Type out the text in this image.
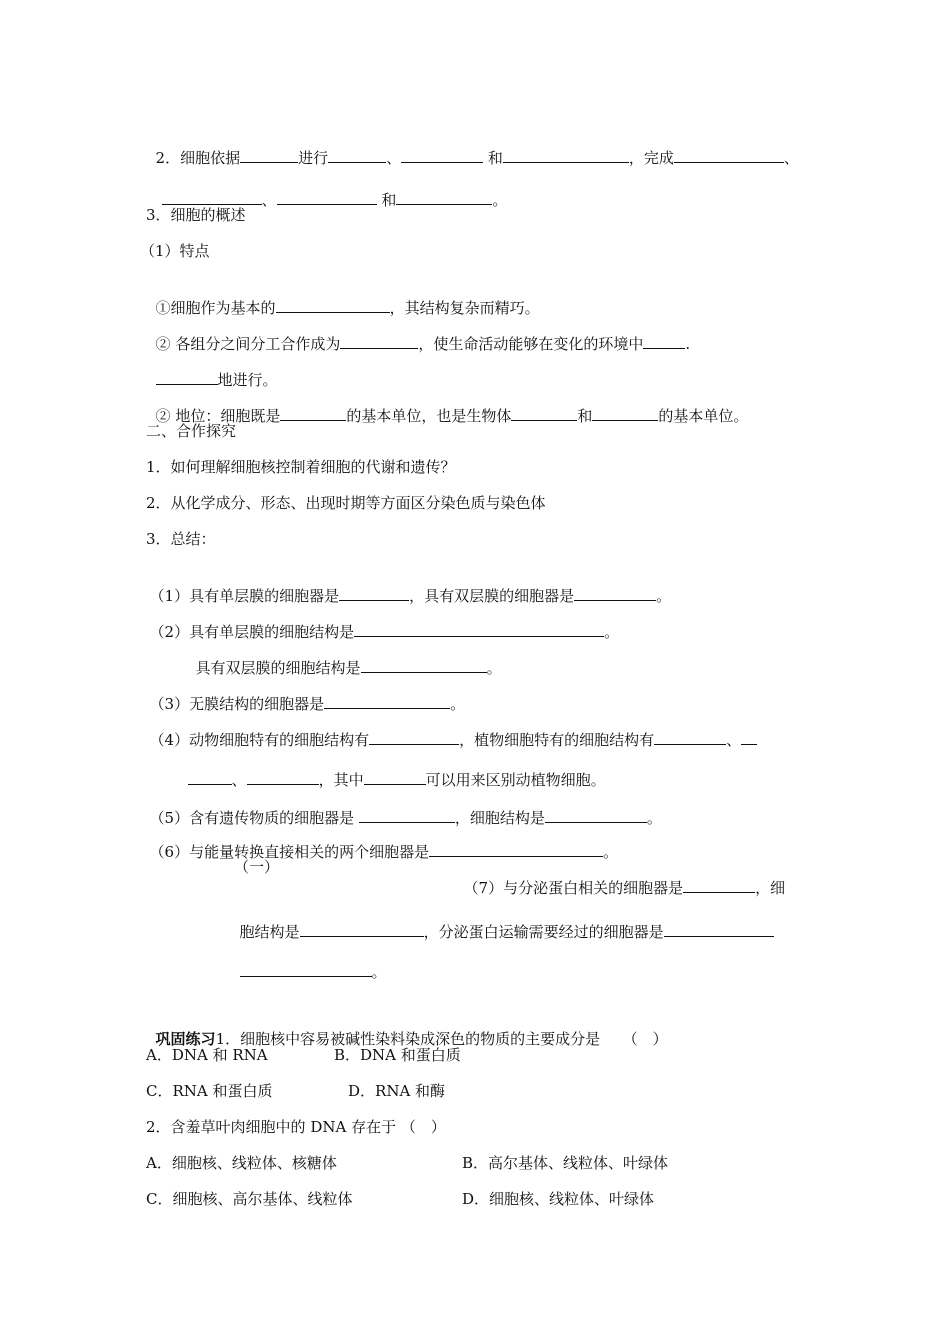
2．细胞依据	进行	、	和	，完成	、

、	和	。

3．细胞的概述
（1）特点

①细胞作为基本的	，其结构复杂而精巧。

② 各组分之间分工合作成为	，使生命活动能够在变化的环境中	.

地进行。

② 地位：细胞既是	的基本单位，也是生物体	和	的基本单位。

二、合作探究
1．如何理解细胞核控制着细胞的代谢和遗传？
2．从化学成分、形态、出现时期等方面区分染色质与染色体
3．总结：

（1）具有单层膜的细胞器是	，具有双层膜的细胞器是	。

（2）具有单层膜的细胞结构是	。

具有双层膜的细胞结构是	。

（3）无膜结构的细胞器是	。

（4）动物细胞特有的细胞结构有	，植物细胞特有的细胞结构有	、

、	，其中	可以用来区别动植物细胞。

（5）含有遗传物质的细胞器是	，细胞结构是	。

（6）与能量转换直接相关的两个细胞器是	。

（一）

（7）与分泌蛋白相关的细胞器是	，细

胞结构是	，分泌蛋白运输需要经过的细胞器是

。

巩固练习1．细胞核中容易被碱性染料染成深色的物质的主要成分是　　（　）

A．DNA 和 RNA	B．DNA 和蛋白质
C．RNA 和蛋白质	D．RNA 和酶
2．含羞草叶肉细胞中的 DNA 存在于 （　）
A．细胞核、线粒体、核糖体	B．高尔基体、线粒体、叶绿体
C．细胞核、高尔基体、线粒体	D．细胞核、线粒体、叶绿体
